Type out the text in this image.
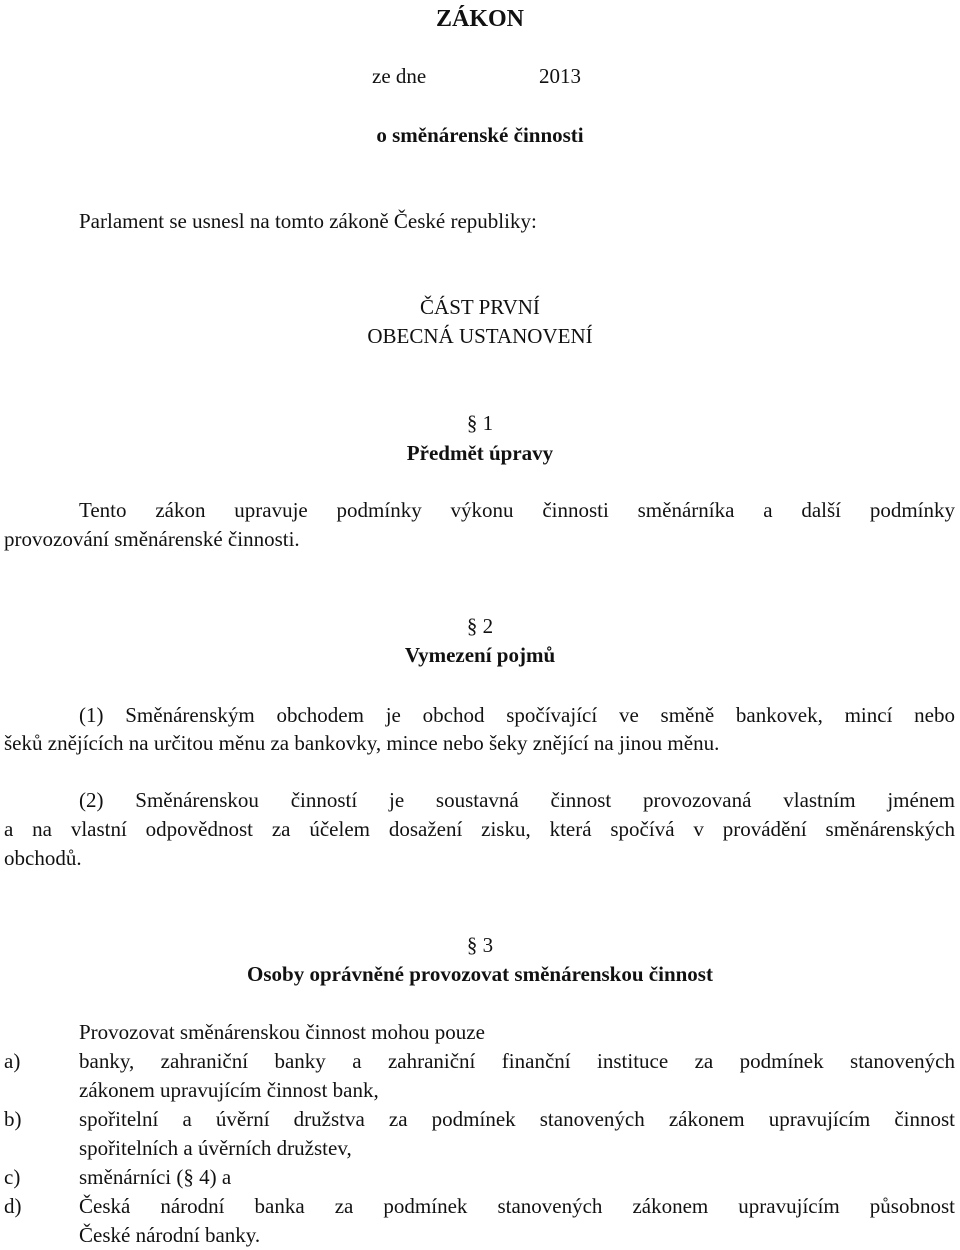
ZÁKON
ze dne	2013
o směnárenské činnosti
Parlament se usnesl na tomto zákoně České republiky:
ČÁST PRVNÍ
OBECNÁ USTANOVENÍ
§ 1
Předmět úpravy
Tento zákon upravuje podmínky výkonu činnosti směnárníka a další podmínky
provozování směnárenské činnosti.
§ 2
Vymezení pojmů
(1) Směnárenským obchodem je obchod spočívající ve směně bankovek, mincí nebo
šeků znějících na určitou měnu za bankovky, mince nebo šeky znějící na jinou měnu.
(2) Směnárenskou činností je soustavná činnost provozovaná vlastním jménem
a na vlastní odpovědnost za účelem dosažení zisku, která spočívá v provádění směnárenských
obchodů.
§ 3
Osoby oprávněné provozovat směnárenskou činnost
Provozovat směnárenskou činnost mohou pouze
a)	banky, zahraniční banky a zahraniční finanční instituce za podmínek stanovených
zákonem upravujícím činnost bank,
b)	spořitelní a úvěrní družstva za podmínek stanovených zákonem upravujícím činnost
spořitelních a úvěrních družstev,
c)	směnárníci (§ 4) a
d)	Česká národní banka za podmínek stanovených zákonem upravujícím působnost
České národní banky.
